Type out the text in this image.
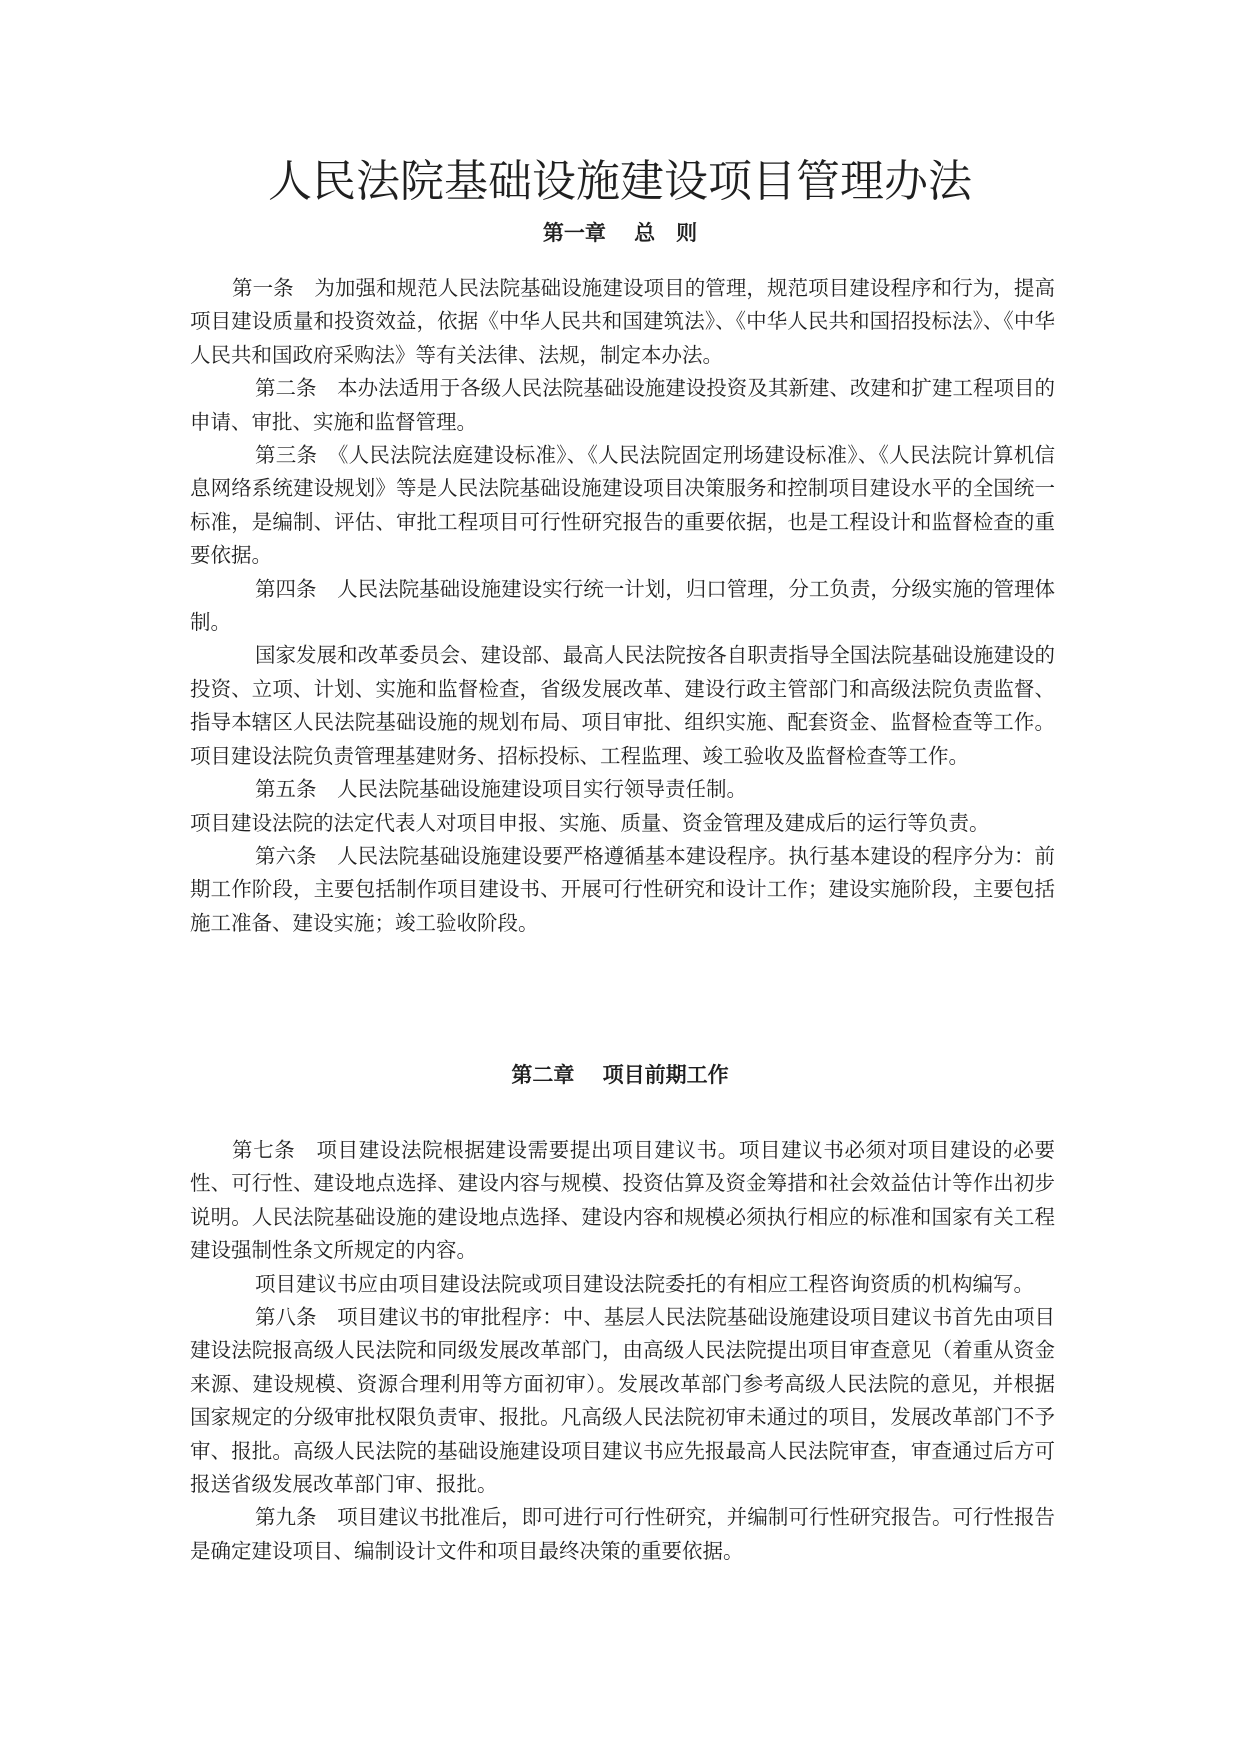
人民法院基础设施建设项目管理办法
第一章　 总　则

第一条　为加强和规范人民法院基础设施建设项目的管理，规范项目建设程序和行为，提高项目建设质量和投资效益，依据《中华人民共和国建筑法》、《中华人民共和国招投标法》、《中华人民共和国政府采购法》等有关法律、法规，制定本办法。

第二条　本办法适用于各级人民法院基础设施建设投资及其新建、改建和扩建工程项目的申请、审批、实施和监督管理。

第三条　《人民法院法庭建设标准》、《人民法院固定刑场建设标准》、《人民法院计算机信息网络系统建设规划》等是人民法院基础设施建设项目决策服务和控制项目建设水平的全国统一标准，是编制、评估、审批工程项目可行性研究报告的重要依据，也是工程设计和监督检查的重要依据。

第四条　人民法院基础设施建设实行统一计划，归口管理，分工负责，分级实施的管理体制。

国家发展和改革委员会、建设部、最高人民法院按各自职责指导全国法院基础设施建设的投资、立项、计划、实施和监督检查，省级发展改革、建设行政主管部门和高级法院负责监督、指导本辖区人民法院基础设施的规划布局、项目审批、组织实施、配套资金、监督检查等工作。项目建设法院负责管理基建财务、招标投标、工程监理、竣工验收及监督检查等工作。

第五条　人民法院基础设施建设项目实行领导责任制。

项目建设法院的法定代表人对项目申报、实施、质量、资金管理及建成后的运行等负责。

第六条　人民法院基础设施建设要严格遵循基本建设程序。执行基本建设的程序分为：前期工作阶段，主要包括制作项目建设书、开展可行性研究和设计工作；建设实施阶段，主要包括施工准备、建设实施；竣工验收阶段。

第二章　 项目前期工作

第七条　项目建设法院根据建设需要提出项目建议书。项目建议书必须对项目建设的必要性、可行性、建设地点选择、建设内容与规模、投资估算及资金筹措和社会效益估计等作出初步说明。人民法院基础设施的建设地点选择、建设内容和规模必须执行相应的标准和国家有关工程建设强制性条文所规定的内容。

项目建议书应由项目建设法院或项目建设法院委托的有相应工程咨询资质的机构编写。

第八条　项目建议书的审批程序：中、基层人民法院基础设施建设项目建议书首先由项目建设法院报高级人民法院和同级发展改革部门，由高级人民法院提出项目审查意见（着重从资金来源、建设规模、资源合理利用等方面初审）。发展改革部门参考高级人民法院的意见，并根据国家规定的分级审批权限负责审、报批。凡高级人民法院初审未通过的项目，发展改革部门不予审、报批。高级人民法院的基础设施建设项目建议书应先报最高人民法院审查，审查通过后方可报送省级发展改革部门审、报批。

第九条　项目建议书批准后，即可进行可行性研究，并编制可行性研究报告。可行性报告是确定建设项目、编制设计文件和项目最终决策的重要依据。
